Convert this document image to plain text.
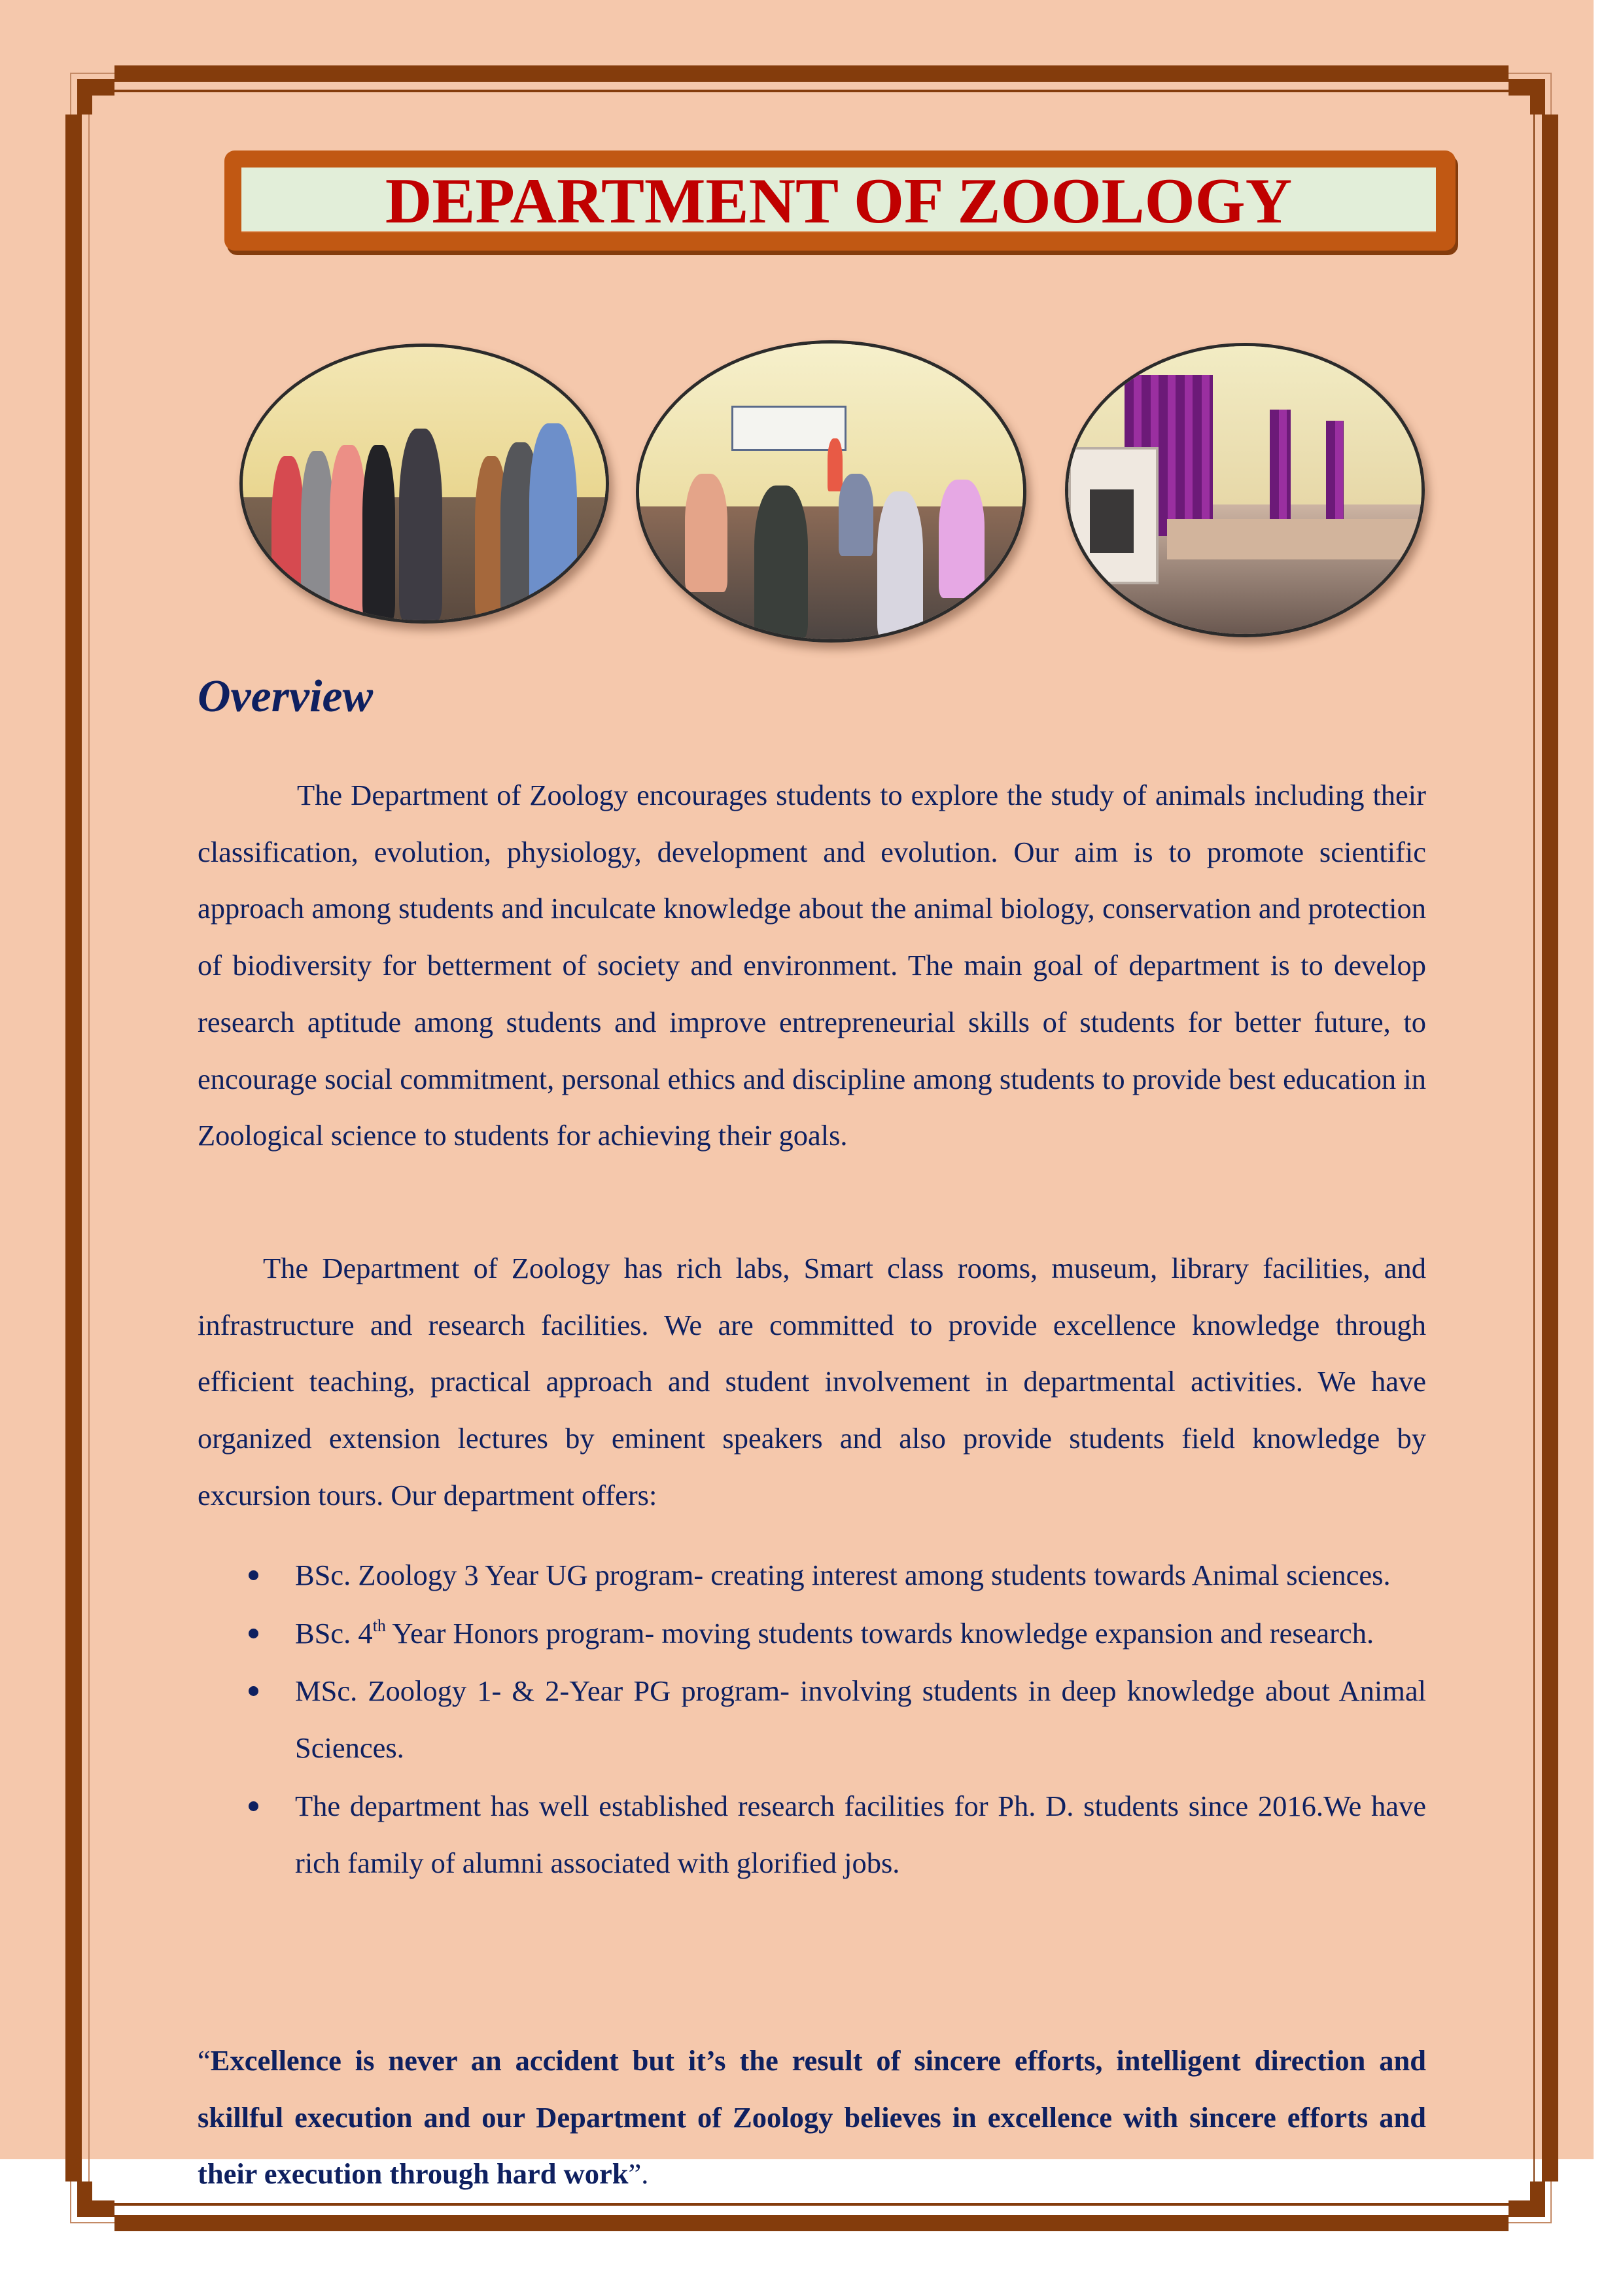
DEPARTMENT OF ZOOLOGY
Overview

The Department of Zoology encourages students to explore the study of animals including their classification, evolution, physiology, development and evolution. Our aim is to promote scientific approach among students and inculcate knowledge about the animal biology, conservation and protection of biodiversity for betterment of society and environment. The main goal of department is to develop research aptitude among students and improve entrepreneurial skills of students for better future, to encourage social commitment, personal ethics and discipline among students to provide best education in Zoological science to students for achieving their goals.

The Department of Zoology has rich labs, Smart class rooms, museum, library facilities, and infrastructure and research facilities. We are committed to provide excellence knowledge through efficient teaching, practical approach and student involvement in departmental activities. We have organized extension lectures by eminent speakers and also provide students field knowledge by excursion tours. Our department offers:

BSc. Zoology 3 Year UG program- creating interest among students towards Animal sciences.
BSc. 4th Year Honors program- moving students towards knowledge expansion and research.
MSc. Zoology 1- & 2-Year PG program- involving students in deep knowledge about Animal Sciences.
The department has well established research facilities for Ph. D. students since 2016.We have rich family of alumni associated with glorified jobs.

“Excellence is never an accident but it’s the result of sincere efforts, intelligent direction and skillful execution and our Department of Zoology believes in excellence with sincere efforts and their execution through hard work”.
